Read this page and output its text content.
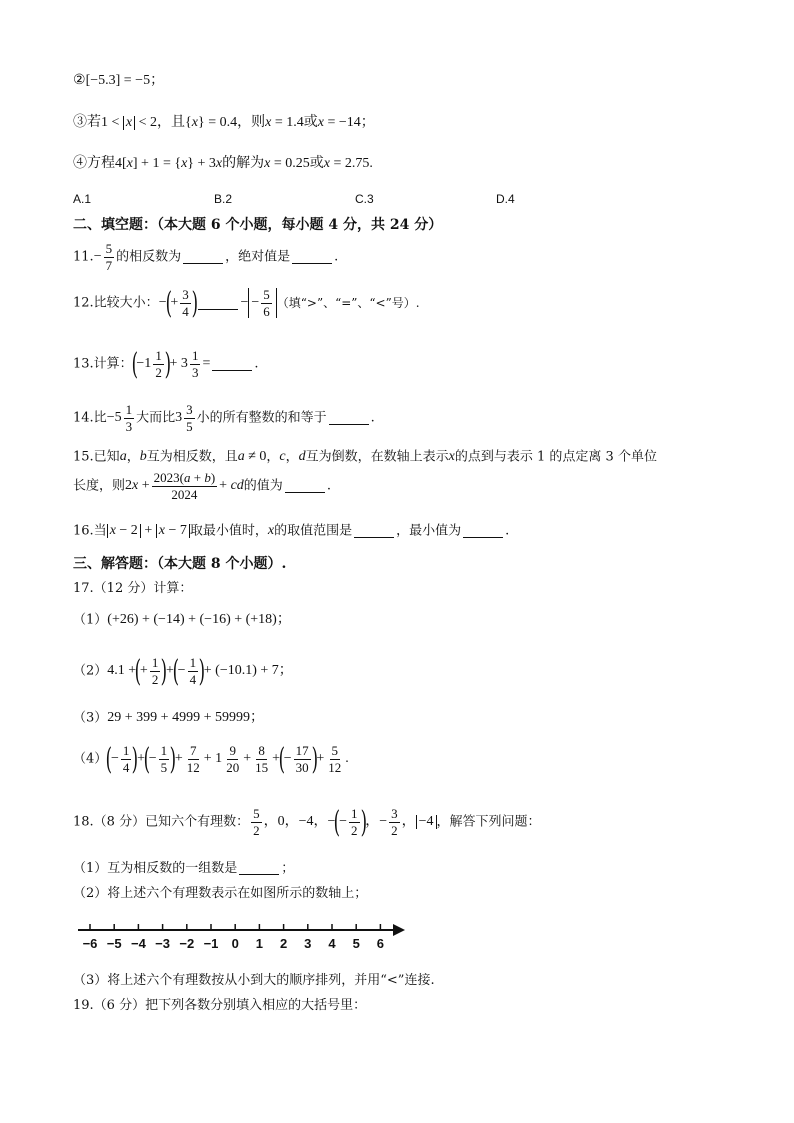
②[−5.3] = −5；
③若1 < x < 2，且{x} = 0.4，则x = 1.4或x = −14；
④方程4[x] + 1 = {x} + 3x的解为x = 0.25或x = 2.75.
A.1	B.2	C.3	D.4
二、填空题：（本大题 6 个小题，每小题 4 分，共 24 分）
$11.- \frac{5}{7}$ 的相反数为	，绝对值是	.
12.比较大小：−(+ $\frac{3}{4}$ )	− − $\frac{5}{6}$ （填“>”、“=”、“<”号）.
13.计算：($-1 \frac{1}{2}$ )+ $3 \frac{1}{3}$ =	.
14.比$-5 \frac{1}{3}$ 大而比$3 \frac{3}{5}$ 小的所有整数的和等于	.
15.已知a，b互为相反数，且a ≠ 0，c，d互为倒数，在数轴上表示x的点到与表示 1 的点定离 3 个单位
长度，则$2x + \frac{2023(a + b)}{2024}$ + cd的值为	.
16.当 x − 2 + x − 7 取最小值时，x的取值范围是	，最小值为	.
三、解答题：（本大题 8 个小题）.
17.（12 分）计算：
（1）(+26) + (−14) + (−16) + (+18)；
（2）4.1 +(+ $\frac{1}{2}$ )+(− $\frac{1}{4}$ )+ (−10.1) + 7；
（3）29 + 399 + 4999 + 59999；
$(4)(- \frac{1}{4}$ )+(− $\frac{1}{5}$ )+ $\frac{7}{12} + 1 \frac{9}{20} + \frac{8}{15}$ +(− $\frac{17}{30}$ )+ $\frac{5}{12}$ .
18.（8 分）已知六个有理数： $\frac{5}{2}$ ，0，−4，−(− $\frac{1}{2}$ )，− $\frac{3}{2}$ ， −4 ，解答下列问题：
（1）互为相反数的一组数是	；
（2）将上述六个有理数表示在如图所示的数轴上；
−6 −5 −4 −3 −2 −1 0 1 2 3 4 5 6
（3）将上述六个有理数按从小到大的顺序排列，并用“<”连接.
19.（6 分）把下列各数分别填入相应的大括号里：
